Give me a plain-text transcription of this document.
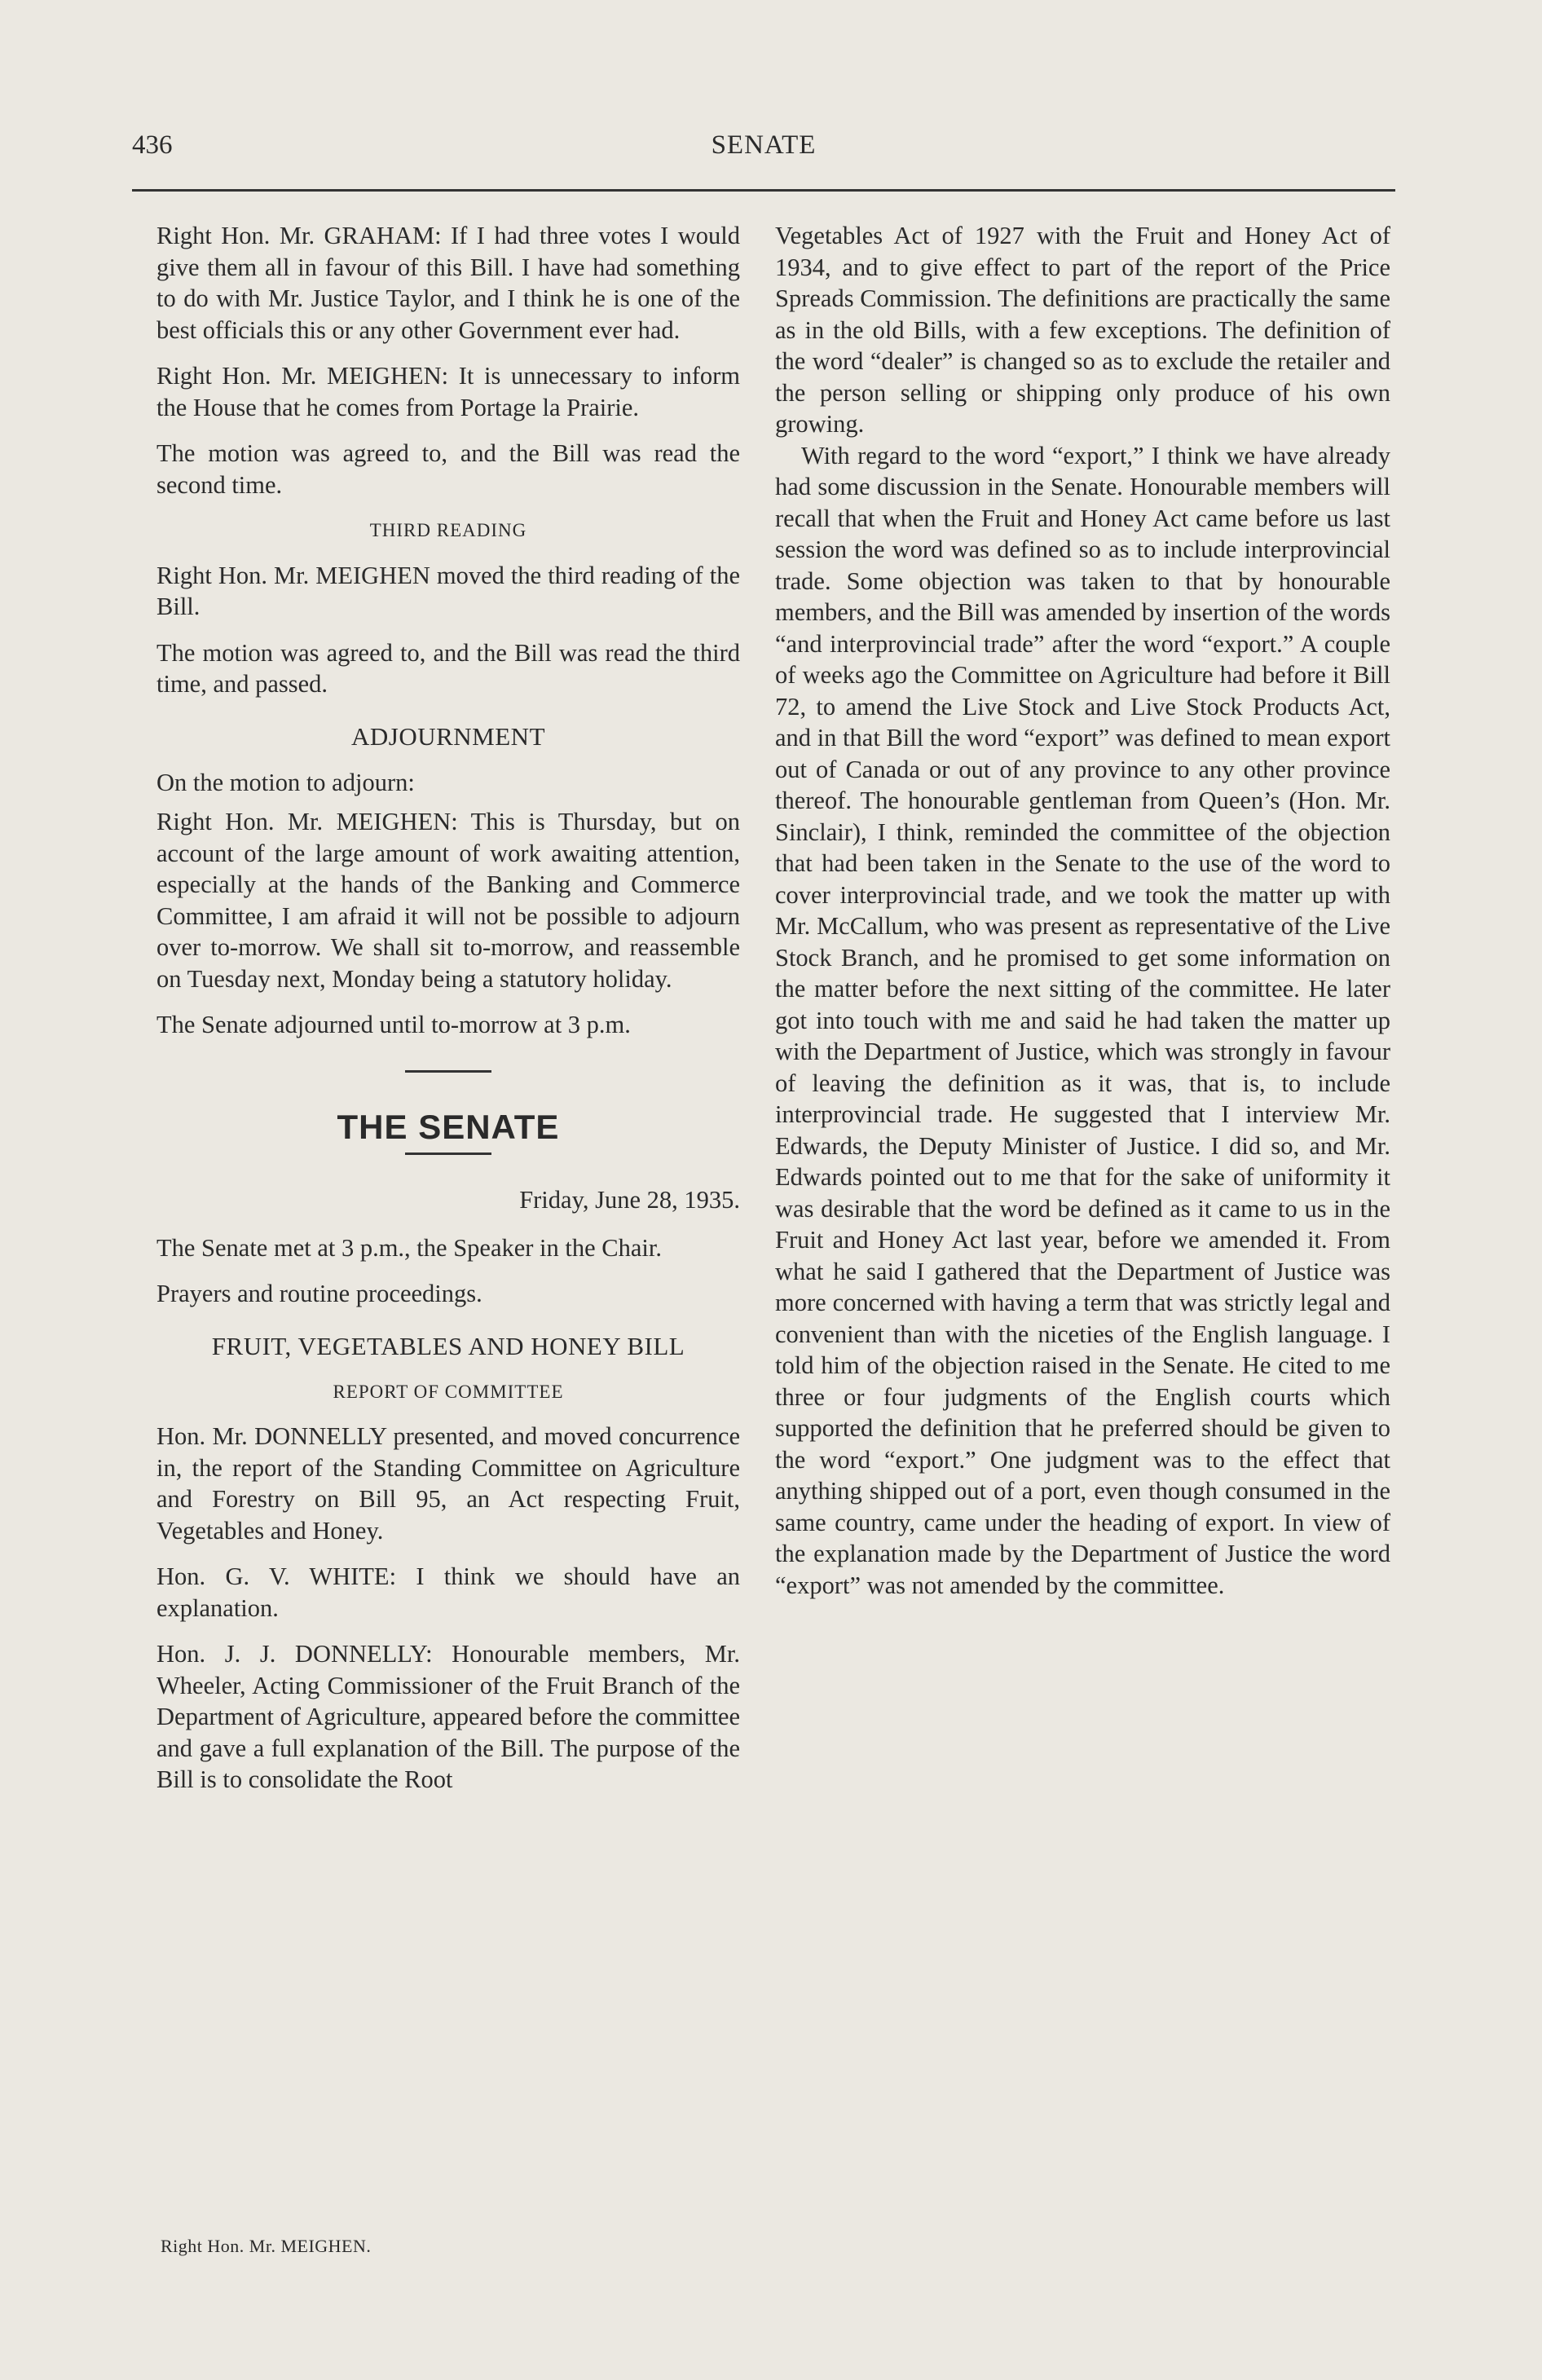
436	SENATE

Right Hon. Mr. GRAHAM: If I had three votes I would give them all in favour of this Bill. I have had something to do with Mr. Justice Taylor, and I think he is one of the best officials this or any other Government ever had.

Right Hon. Mr. MEIGHEN: It is unnecessary to inform the House that he comes from Portage la Prairie.

The motion was agreed to, and the Bill was read the second time.

THIRD READING

Right Hon. Mr. MEIGHEN moved the third reading of the Bill.

The motion was agreed to, and the Bill was read the third time, and passed.

ADJOURNMENT

On the motion to adjourn:

Right Hon. Mr. MEIGHEN: This is Thursday, but on account of the large amount of work awaiting attention, especially at the hands of the Banking and Commerce Committee, I am afraid it will not be possible to adjourn over to-morrow. We shall sit to-morrow, and reassemble on Tuesday next, Monday being a statutory holiday.

The Senate adjourned until to-morrow at 3 p.m.

THE SENATE

Friday, June 28, 1935.

The Senate met at 3 p.m., the Speaker in the Chair.

Prayers and routine proceedings.

FRUIT, VEGETABLES AND HONEY BILL
REPORT OF COMMITTEE

Hon. Mr. DONNELLY presented, and moved concurrence in, the report of the Standing Committee on Agriculture and Forestry on Bill 95, an Act respecting Fruit, Vegetables and Honey.

Hon. G. V. WHITE: I think we should have an explanation.

Hon. J. J. DONNELLY: Honourable members, Mr. Wheeler, Acting Commissioner of the Fruit Branch of the Department of Agriculture, appeared before the committee and gave a full explanation of the Bill. The purpose of the Bill is to consolidate the Root

Vegetables Act of 1927 with the Fruit and Honey Act of 1934, and to give effect to part of the report of the Price Spreads Commission. The definitions are practically the same as in the old Bills, with a few exceptions. The definition of the word “dealer” is changed so as to exclude the retailer and the person selling or shipping only produce of his own growing.

With regard to the word “export,” I think we have already had some discussion in the Senate. Honourable members will recall that when the Fruit and Honey Act came before us last session the word was defined so as to include interprovincial trade. Some objection was taken to that by honourable members, and the Bill was amended by insertion of the words “and interprovincial trade” after the word “export.” A couple of weeks ago the Committee on Agriculture had before it Bill 72, to amend the Live Stock and Live Stock Products Act, and in that Bill the word “export” was defined to mean export out of Canada or out of any province to any other province thereof. The honourable gentleman from Queen’s (Hon. Mr. Sinclair), I think, reminded the committee of the objection that had been taken in the Senate to the use of the word to cover interprovincial trade, and we took the matter up with Mr. McCallum, who was present as representative of the Live Stock Branch, and he promised to get some information on the matter before the next sitting of the committee. He later got into touch with me and said he had taken the matter up with the Department of Justice, which was strongly in favour of leaving the definition as it was, that is, to include interprovincial trade. He suggested that I interview Mr. Edwards, the Deputy Minister of Justice. I did so, and Mr. Edwards pointed out to me that for the sake of uniformity it was desirable that the word be defined as it came to us in the Fruit and Honey Act last year, before we amended it. From what he said I gathered that the Department of Justice was more concerned with having a term that was strictly legal and convenient than with the niceties of the English language. I told him of the objection raised in the Senate. He cited to me three or four judgments of the English courts which supported the definition that he preferred should be given to the word “export.” One judgment was to the effect that anything shipped out of a port, even though consumed in the same country, came under the heading of export. In view of the explanation made by the Department of Justice the word “export” was not amended by the committee.

Right Hon. Mr. MEIGHEN.
